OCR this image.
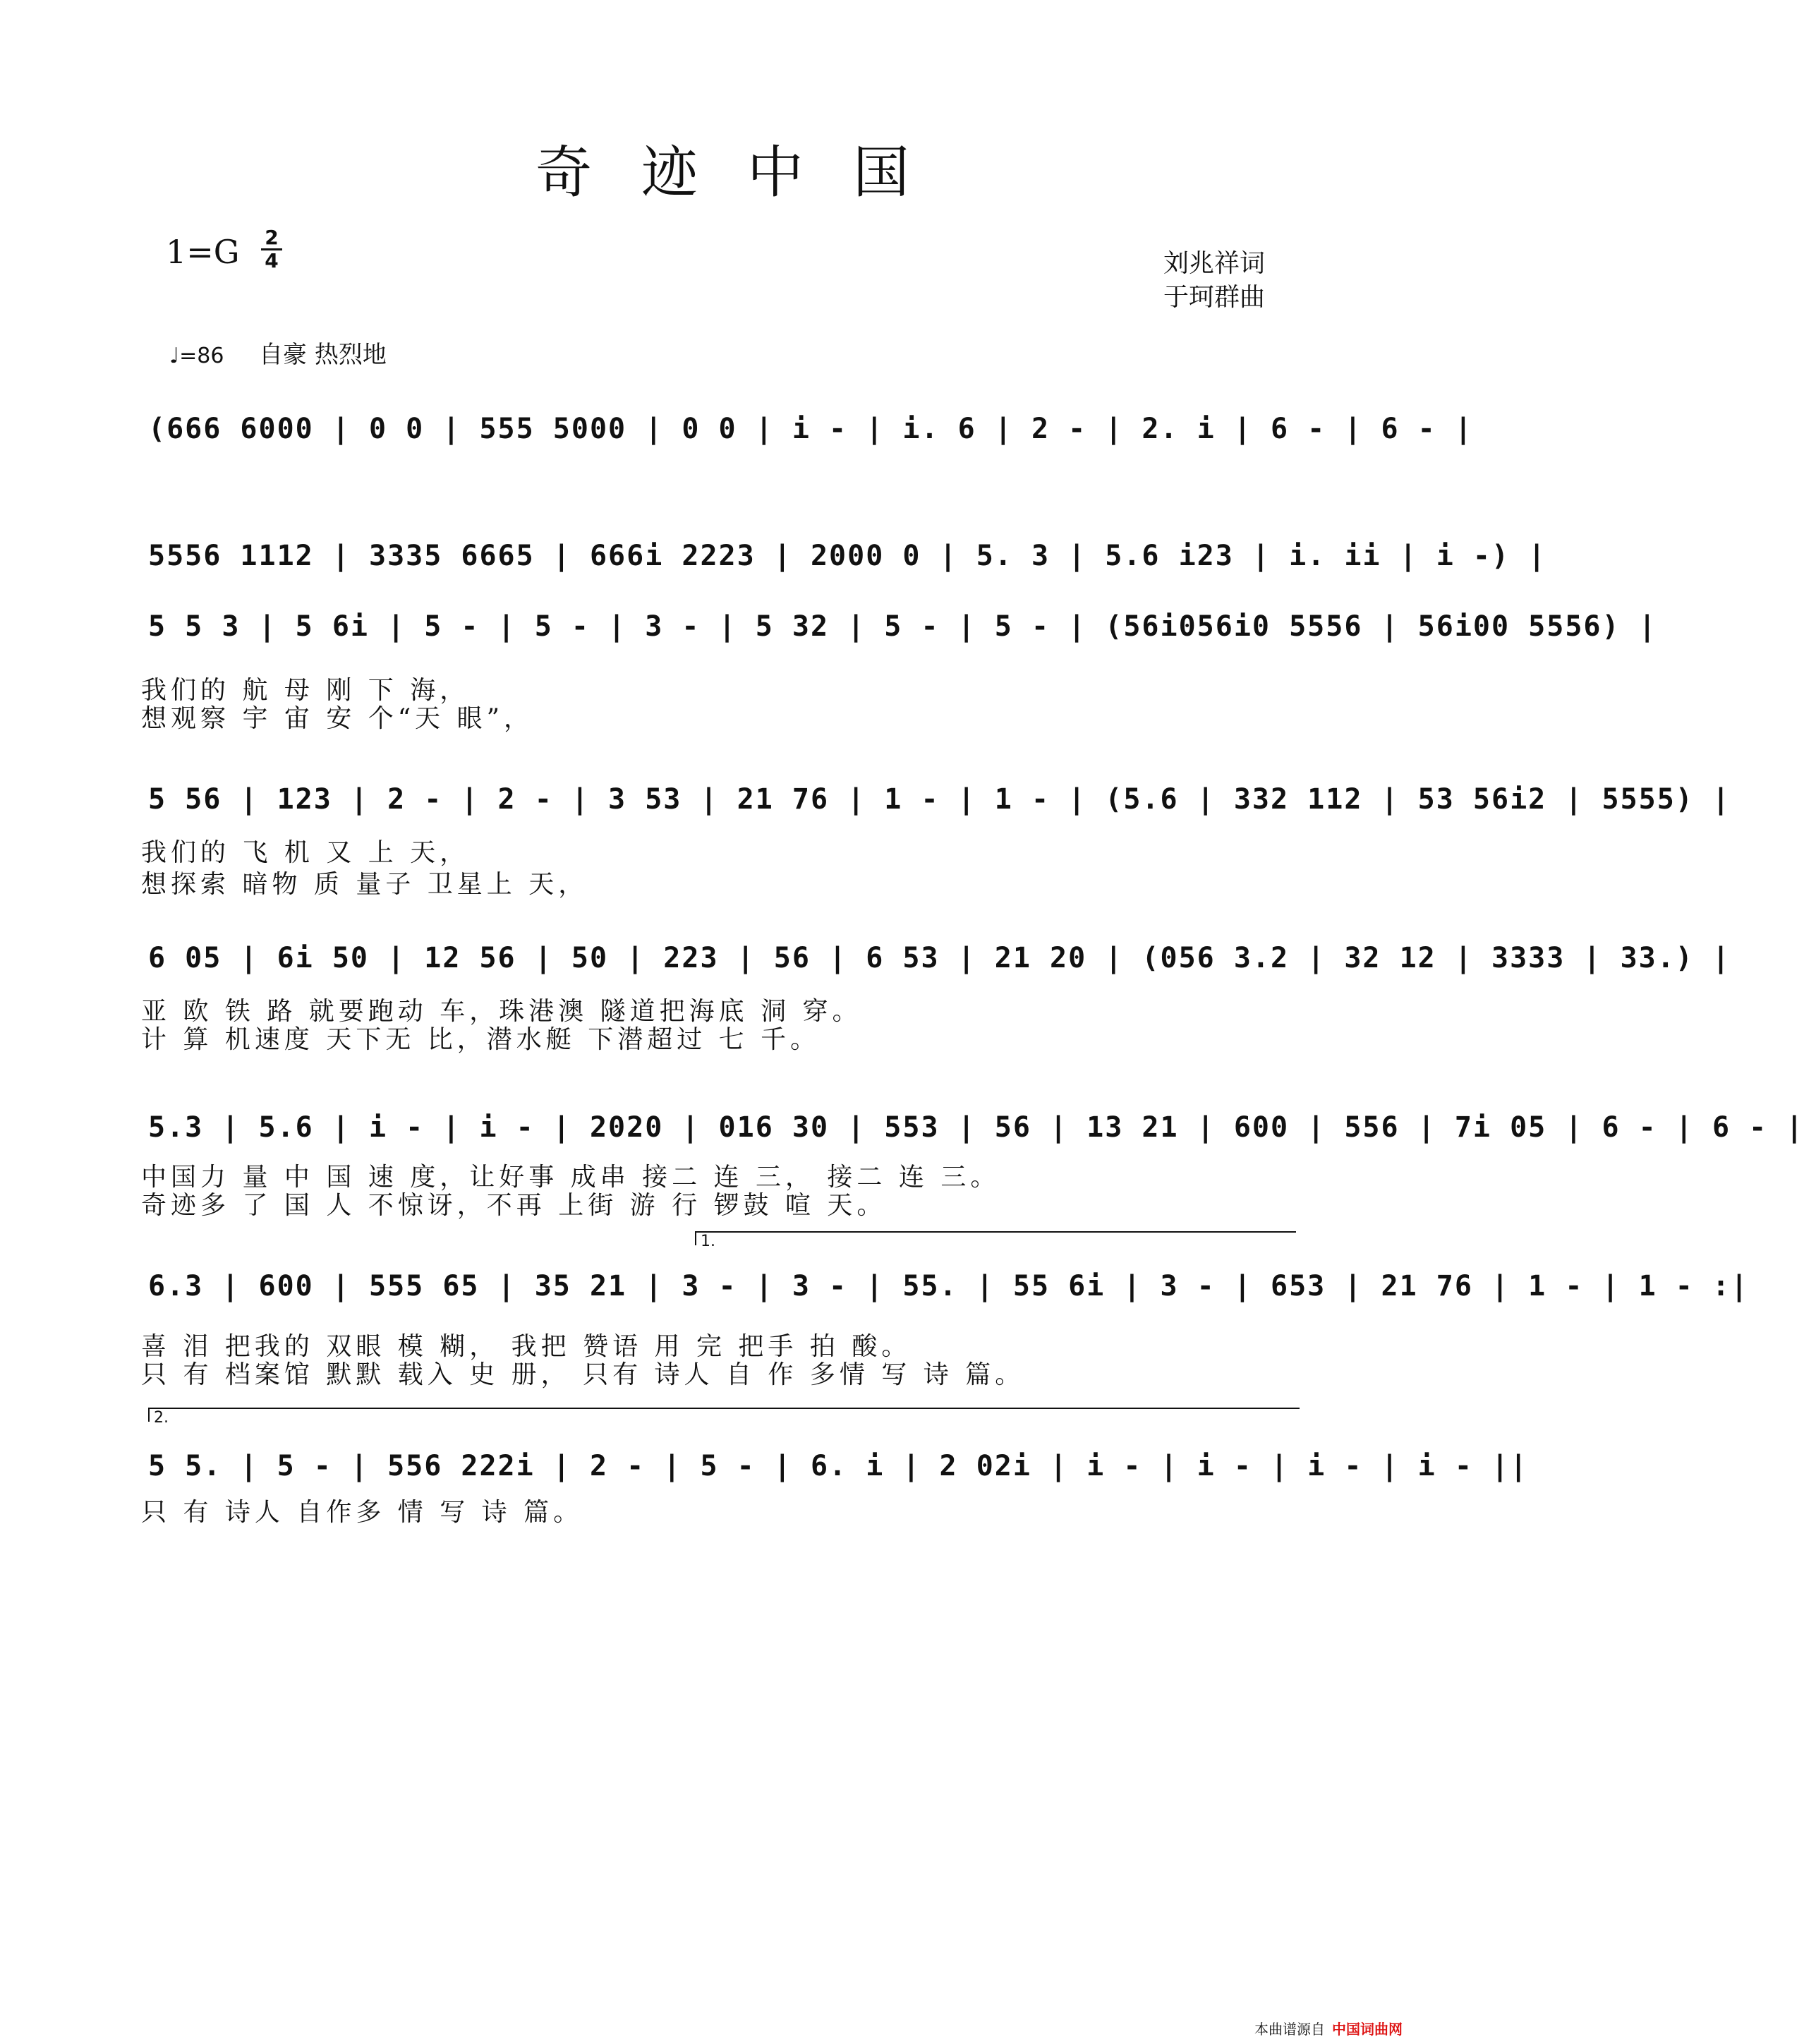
奇迹中国
1=G 2
4	刘兆祥词
于珂群曲
♩=86 自豪 热烈地
(666 6000 | 0 0 | 555 5000 | 0 0 | i - | i. 6 | 2 - | 2. i | 6 - | 6 - |
5556 1112 | 3335 6665 | 666i 2223 | 2000 0 | 5. 3 | 5.6 i23 | i. ii | i -) |
5 5 3 | 5 6i | 5 - | 5 - | 3 - | 5 32 | 5 - | 5 - | (56i056i0 5556 | 56i00 5556) |
我们的 航 母 刚 下 海，
想观察 宇 宙 安 个“天 眼”，
5 56 | 123 | 2 - | 2 - | 3 53 | 21 76 | 1 - | 1 - | (5.6 | 332 112 | 53 56i2 | 5555) |
我们的 飞 机 又 上 天，
想探索 暗物 质 量子 卫星上 天，
6 05 | 6i 50 | 12 56 | 50 | 223 | 56 | 6 53 | 21 20 | (056 3.2 | 32 12 | 3333 | 33.) |
亚 欧 铁 路 就要跑动 车，珠港澳 隧道把海底 洞 穿。
计 算 机速度 天下无 比，潜水艇 下潜超过 七 千。
5.3 | 5.6 | i - | i - | 2020 | 016 30 | 553 | 56 | 13 21 | 600 | 556 | 7i 05 | 6 - | 6 - |
中国力 量 中 国 速 度，让好事 成串 接二 连 三， 接二 连 三。
奇迹多 了 国 人 不惊讶，不再 上街 游 行 锣鼓 喧 天。
1.
6.3 | 600 | 555 65 | 35 21 | 3 - | 3 - | 55. | 55 6i | 3 - | 653 | 21 76 | 1 - | 1 - :|
喜 泪 把我的 双眼 模 糊， 我把 赞语 用 完 把手 拍 酸。
只 有 档案馆 默默 载入 史 册， 只有 诗人 自 作 多情 写 诗 篇。
2.
5 5. | 5 - | 556 222i | 2 - | 5 - | 6. i | 2 02i | i - | i - | i - | i - ||
只 有 诗人 自作多 情 写 诗 篇。
本曲谱源自 中国词曲网
